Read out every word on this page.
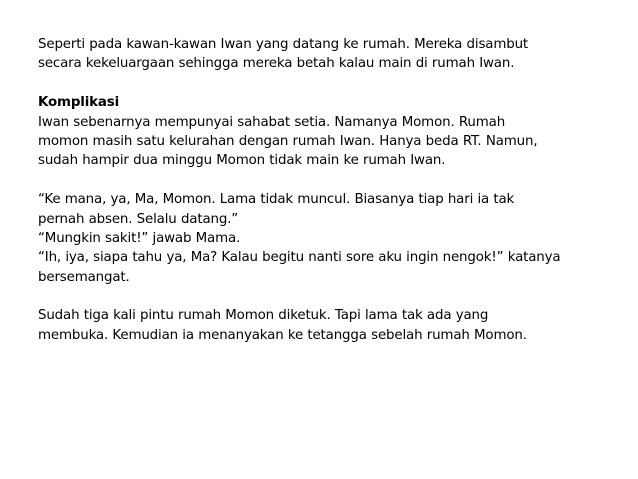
Seperti pada kawan-kawan Iwan yang datang ke rumah. Mereka disambut
secara kekeluargaan sehingga mereka betah kalau main di rumah Iwan.
Komplikasi
Iwan sebenarnya mempunyai sahabat setia. Namanya Momon. Rumah
momon masih satu kelurahan dengan rumah Iwan. Hanya beda RT. Namun,
sudah hampir dua minggu Momon tidak main ke rumah Iwan.
“Ke mana, ya, Ma, Momon. Lama tidak muncul. Biasanya tiap hari ia tak
pernah absen. Selalu datang.”
“Mungkin sakit!” jawab Mama.
“Ih, iya, siapa tahu ya, Ma? Kalau begitu nanti sore aku ingin nengok!” katanya
bersemangat.
Sudah tiga kali pintu rumah Momon diketuk. Tapi lama tak ada yang
membuka. Kemudian ia menanyakan ke tetangga sebelah rumah Momon.
